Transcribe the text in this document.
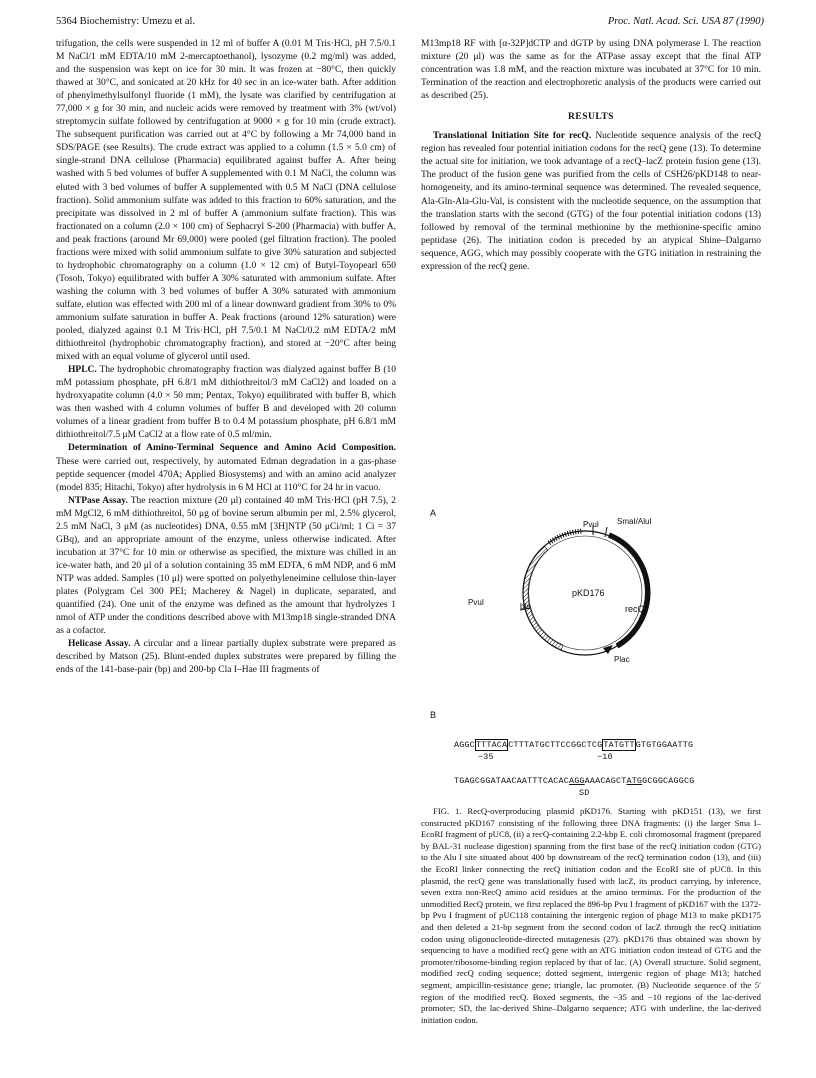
5364 Biochemistry: Umezu et al.	Proc. Natl. Acad. Sci. USA 87 (1990)

trifugation, the cells were suspended in 12 ml of buffer A (0.01 M Tris·HCl, pH 7.5/0.1 M NaCl/1 mM EDTA/10 mM 2-mercaptoethanol), lysozyme (0.2 mg/ml) was added, and the suspension was kept on ice for 30 min. It was frozen at −80°C, then quickly thawed at 30°C, and sonicated at 20 kHz for 40 sec in an ice-water bath. After addition of phenylmethylsulfonyl fluoride (1 mM), the lysate was clarified by centrifugation at 77,000 × g for 30 min, and nucleic acids were removed by treatment with 3% (wt/vol) streptomycin sulfate followed by centrifugation at 9000 × g for 10 min (crude extract). The subsequent purification was carried out at 4°C by following a Mr 74,000 band in SDS/PAGE (see Results). The crude extract was applied to a column (1.5 × 5.0 cm) of single-strand DNA cellulose (Pharmacia) equilibrated against buffer A. After being washed with 5 bed volumes of buffer A supplemented with 0.1 M NaCl, the column was eluted with 3 bed volumes of buffer A supplemented with 0.5 M NaCl (DNA cellulose fraction). Solid ammonium sulfate was added to this fraction to 60% saturation, and the precipitate was dissolved in 2 ml of buffer A (ammonium sulfate fraction). This was fractionated on a column (2.0 × 100 cm) of Sephacryl S-200 (Pharmacia) with buffer A, and peak fractions (around Mr 69,000) were pooled (gel filtration fraction). The pooled fractions were mixed with solid ammonium sulfate to give 30% saturation and subjected to hydrophobic chromatography on a column (1.0 × 12 cm) of Butyl-Toyopearl 650 (Tosoh, Tokyo) equilibrated with buffer A 30% saturated with ammonium sulfate. After washing the column with 3 bed volumes of buffer A 30% saturated with ammonium sulfate, elution was effected with 200 ml of a linear downward gradient from 30% to 0% ammonium sulfate saturation in buffer A. Peak fractions (around 12% saturation) were pooled, dialyzed against 0.1 M Tris·HCl, pH 7.5/0.1 M NaCl/0.2 mM EDTA/2 mM dithiothreitol (hydrophobic chromatography fraction), and stored at −20°C after being mixed with an equal volume of glycerol until used.

HPLC. The hydrophobic chromatography fraction was dialyzed against buffer B (10 mM potassium phosphate, pH 6.8/1 mM dithiothreitol/3 mM CaCl2) and loaded on a hydroxyapatite column (4.0 × 50 mm; Pentax, Tokyo) equilibrated with buffer B, which was then washed with 4 column volumes of buffer B and developed with 20 column volumes of a linear gradient from buffer B to 0.4 M potassium phosphate, pH 6.8/1 mM dithiothreitol/7.5 μM CaCl2 at a flow rate of 0.5 ml/min.

Determination of Amino-Terminal Sequence and Amino Acid Composition. These were carried out, respectively, by automated Edman degradation in a gas-phase peptide sequencer (model 470A; Applied Biosystems) and with an amino acid analyzer (model 835; Hitachi, Tokyo) after hydrolysis in 6 M HCl at 110°C for 24 hr in vacuo.

NTPase Assay. The reaction mixture (20 μl) contained 40 mM Tris·HCl (pH 7.5), 2 mM MgCl2, 6 mM dithiothreitol, 50 μg of bovine serum albumin per ml, 2.5% glycerol, 2.5 mM NaCl, 3 μM (as nucleotides) DNA, 0.55 mM [3H]NTP (50 μCi/ml; 1 Ci = 37 GBq), and an appropriate amount of the enzyme, unless otherwise indicated. After incubation at 37°C for 10 min or otherwise as specified, the mixture was chilled in an ice-water bath, and 20 μl of a solution containing 35 mM EDTA, 6 mM NDP, and 6 mM NTP was added. Samples (10 μl) were spotted on polyethyleneimine cellulose thin-layer plates (Polygram Cel 300 PEI; Macherey & Nagel) in duplicate, separated, and quantified (24). One unit of the enzyme was defined as the amount that hydrolyzes 1 nmol of ATP under the conditions described above with M13mp18 single-stranded DNA as a cofactor.

Helicase Assay. A circular and a linear partially duplex substrate were prepared as described by Matson (25). Blunt-ended duplex substrates were prepared by filling the ends of the 141-base-pair (bp) and 200-bp Cla I–Hae III fragments of

M13mp18 RF with [α-32P]dCTP and dGTP by using DNA polymerase I. The reaction mixture (20 μl) was the same as for the ATPase assay except that the final ATP concentration was 1.8 mM, and the reaction mixture was incubated at 37°C for 10 min. Termination of the reaction and electrophoretic analysis of the products were carried out as described (25).

RESULTS

Translational Initiation Site for recQ. Nucleotide sequence analysis of the recQ region has revealed four potential initiation codons for the recQ gene (13). To determine the actual site for initiation, we took advantage of a recQ–lacZ protein fusion gene (13). The product of the fusion gene was purified from the cells of CSH26/pKD148 to near-homogeneity, and its amino-terminal sequence was determined. The revealed sequence, Ala-Gln-Ala-Glu-Val, is consistent with the nucleotide sequence, on the assumption that the translation starts with the second (GTG) of the four potential initiation codons (13) followed by removal of the terminal methionine by the methionine-specific amino peptidase (26). The initiation codon is preceded by an atypical Shine–Dalgarno sequence, AGG, which may possibly cooperate with the GTG initiation in restraining the expression of the recQ gene.

A
PvuI SmaI/AluI
PvuI	bla
pKD176
recQ
Plac
B
AGGCTTTACACTTTATGCTTCCGGCTCGTATGTTGTGTGGAATTG
−35	−10
TGAGCGGATAACAATTTCACACAGGAAACAGCTATGGCGGCAGGCG
SD

FIG. 1. RecQ-overproducing plasmid pKD176. Starting with pKD151 (13), we first constructed pKD167 consisting of the following three DNA fragments: (i) the larger Sma I–EcoRI fragment of pUC8, (ii) a recQ-containing 2.2-kbp E. coli chromosomal fragment (prepared by BAL-31 nuclease digestion) spanning from the first base of the recQ initiation codon (GTG) to the Alu I site situated about 400 bp downstream of the recQ termination codon (13), and (iii) the EcoRI linker connecting the recQ initiation codon and the EcoRI site of pUC8. In this plasmid, the recQ gene was translationally fused with lacZ, its product carrying, by inference, seven extra non-RecQ amino acid residues at the amino terminus. For the production of the unmodified RecQ protein, we first replaced the 896-bp Pvu I fragment of pKD167 with the 1372-bp Pvu I fragment of pUC118 containing the intergenic region of phage M13 to make pKD175 and then deleted a 21-bp segment from the second codon of lacZ through the recQ initiation codon using oligonucleotide-directed mutagenesis (27). pKD176 thus obtained was shown by sequencing to have a modified recQ gene with an ATG initiation codon instead of GTG and the promoter/ribosome-binding region replaced by that of lac. (A) Overall structure. Solid segment, modified recQ coding sequence; dotted segment, intergenic region of phage M13; hatched segment, ampicillin-resistance gene; triangle, lac promoter. (B) Nucleotide sequence of the 5′ region of the modified recQ. Boxed segments, the −35 and −10 regions of the lac-derived promoter; SD, the lac-derived Shine–Dalgarno sequence; ATG with underline, the lac-derived initiation codon.
